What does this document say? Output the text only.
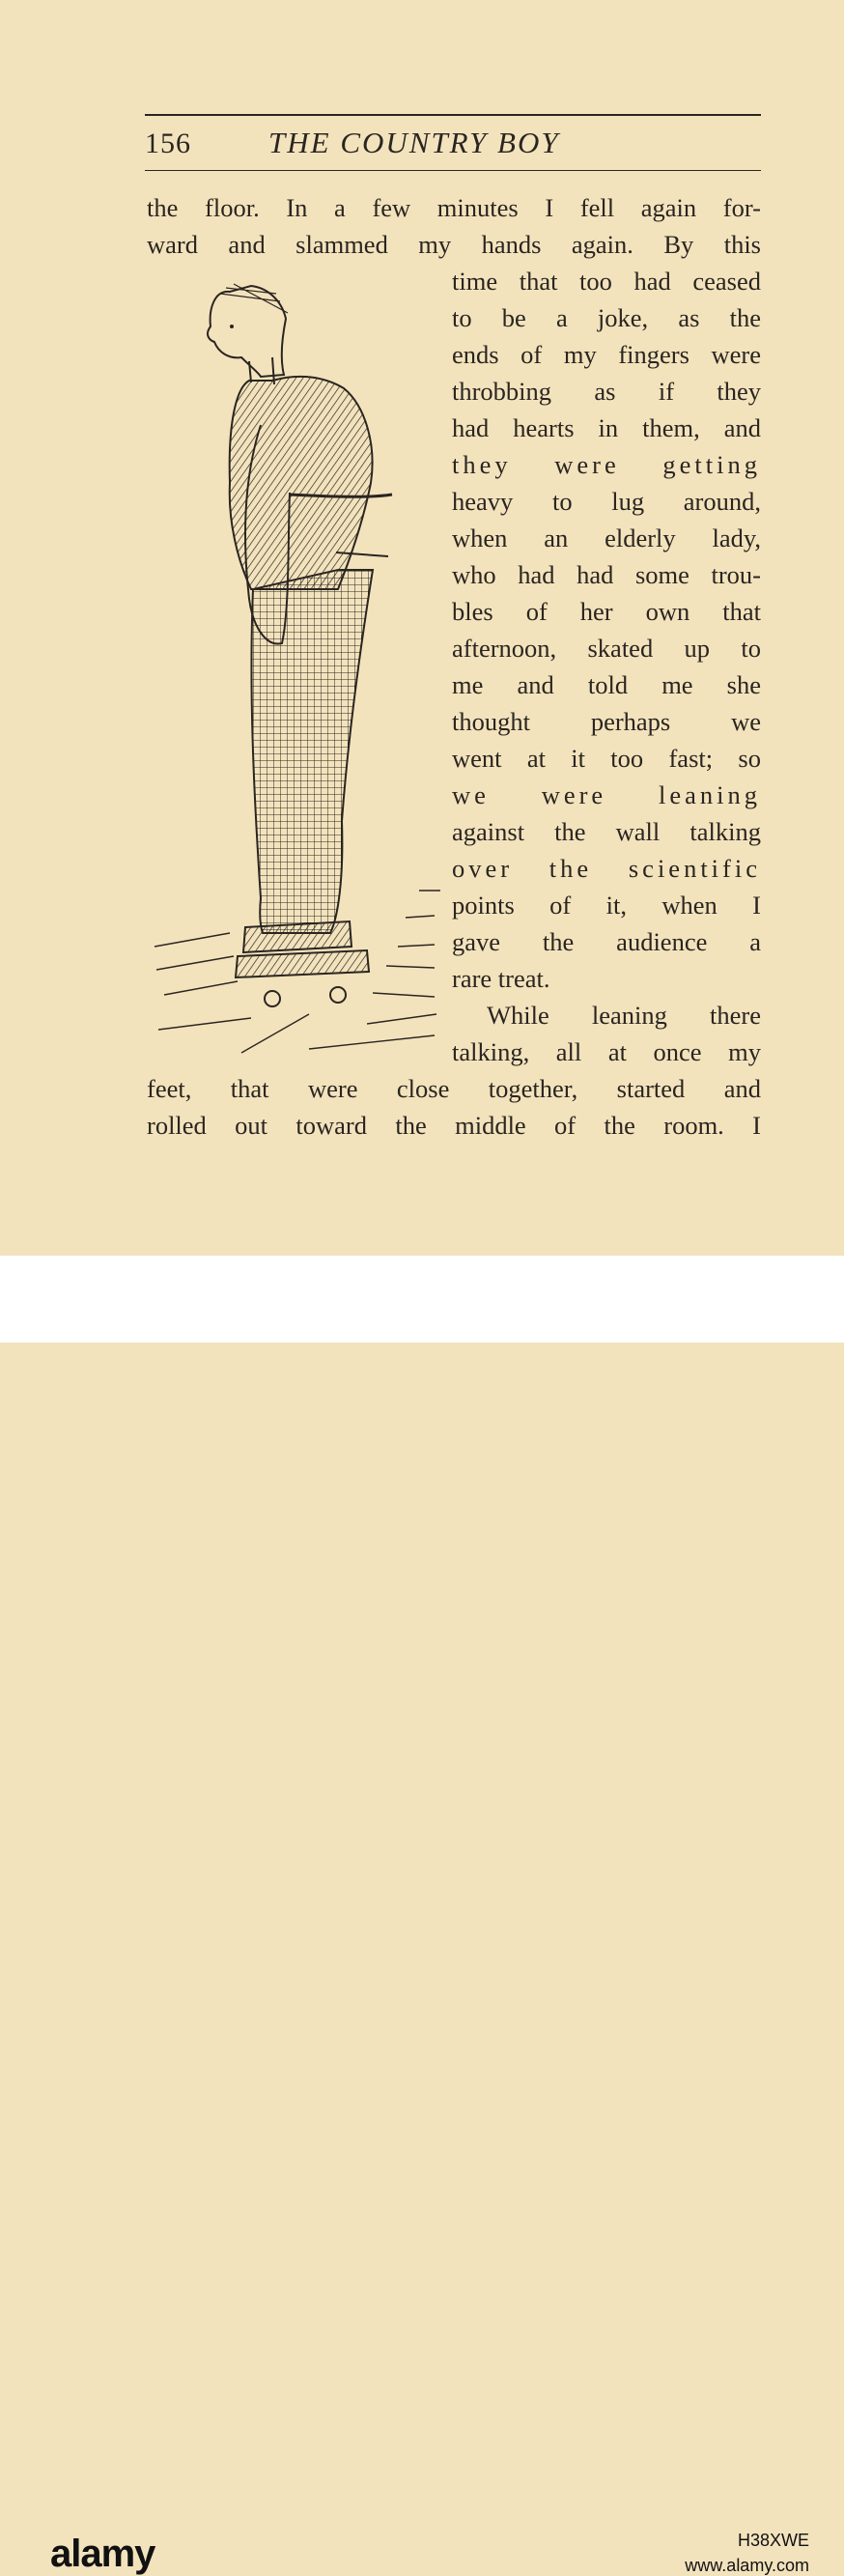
156	THE COUNTRY BOY
the floor. In a few minutes I fell again for-
ward and slammed my hands again. By this
time that too had ceased
to be a joke, as the
ends of my fingers were
throbbing as if they
had hearts in them, and
they were getting
heavy to lug around,
when an elderly lady,
who had had some trou-
bles of her own that
afternoon, skated up to
me and told me she
thought perhaps we
went at it too fast; so
we were leaning
against the wall talking
over the scientific
points of it, when I
gave the audience a
rare treat.
While leaning there
talking, all at once my
feet, that were close together, started and
rolled out toward the middle of the room. I
alamy	H38XWE
www.alamy.com
